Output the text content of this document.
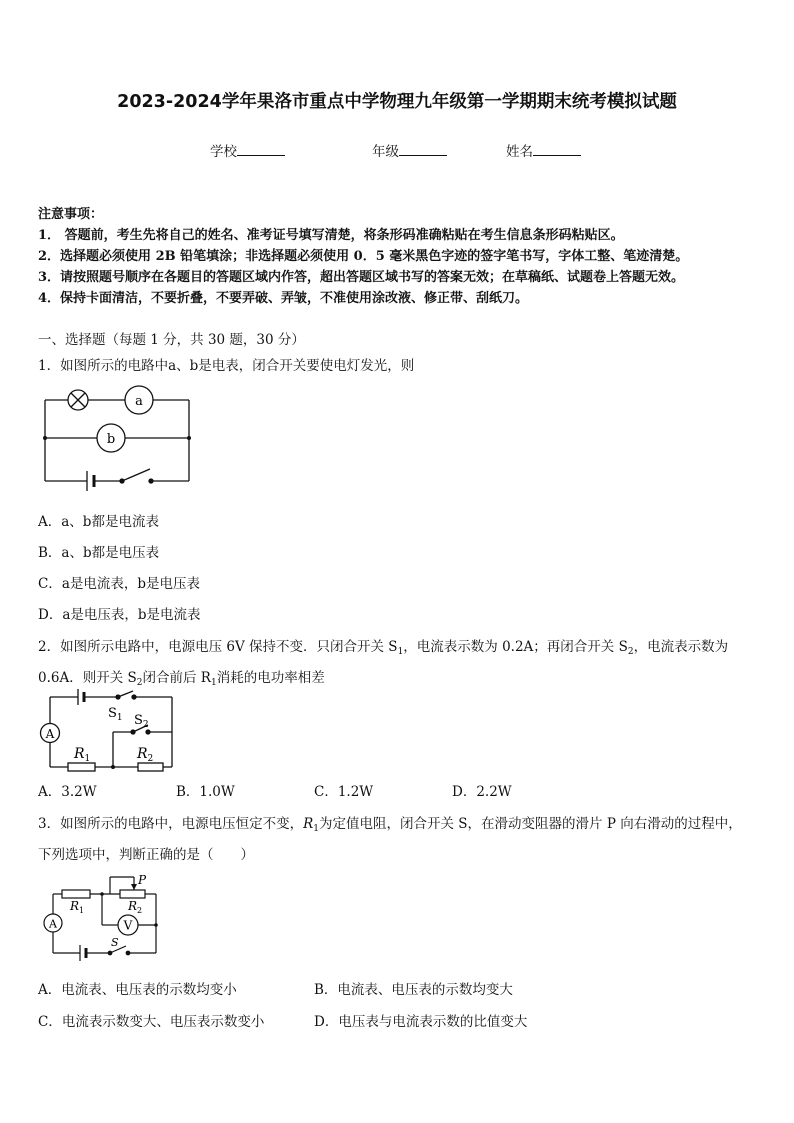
2023-2024学年果洛市重点中学物理九年级第一学期期末统考模拟试题
学校	年级	姓名
注意事项：
1． 答题前，考生先将自己的姓名、准考证号填写清楚，将条形码准确粘贴在考生信息条形码粘贴区。
2．选择题必须使用 2B 铅笔填涂；非选择题必须使用 0．5 毫米黑色字迹的签字笔书写，字体工整、笔迹清楚。
3．请按照题号顺序在各题目的答题区域内作答，超出答题区域书写的答案无效；在草稿纸、试题卷上答题无效。
4．保持卡面清洁，不要折叠，不要弄破、弄皱，不准使用涂改液、修正带、刮纸刀。
一、选择题（每题 1 分，共 30 题，30 分）
1．如图所示的电路中a、b是电表，闭合开关要使电灯发光，则
a
b
A．a、b都是电流表
B．a、b都是电压表
C．a是电流表，b是电压表
D．a是电压表，b是电流表
2．如图所示电路中，电源电压 6V 保持不变．只闭合开关 $S_1$，电流表示数为 0.2A；再闭合开关 $S_2$，电流表示数为
0.6A．则开关 $S_2$闭合前后 $R_1$消耗的电功率相差
A
$S_1$ $S_2$
$R_1$	$R_2$
A．3.2W	B．1.0W	C．1.2W	D．2.2W
3．如图所示的电路中，电源电压恒定不变，$R_1$为定值电阻，闭合开关 S，在滑动变阻器的滑片 P 向右滑动的过程中，
下列选项中，判断正确的是（　　）
P
$R_1$	$R_2$
A	V
S
A．电流表、电压表的示数均变小	B．电流表、电压表的示数均变大
C．电流表示数变大、电压表示数变小	D．电压表与电流表示数的比值变大
